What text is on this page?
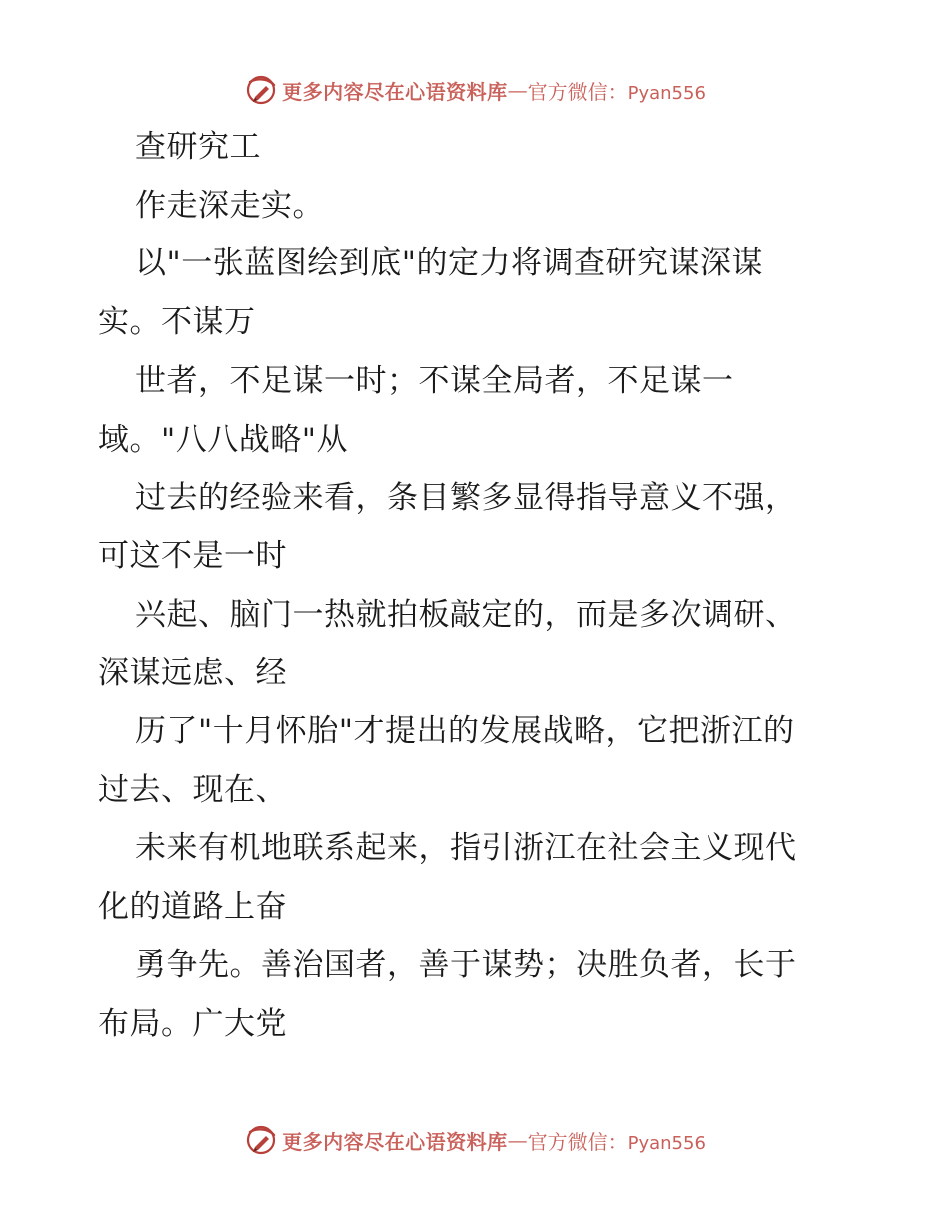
更多内容尽在心语资料库 — 官方微信：Pyan556
查研究工
作走深走实。
以"一张蓝图绘到底"的定力将调查研究谋深谋
实。不谋万
世者，不足谋一时；不谋全局者，不足谋一
域。"八八战略"从
过去的经验来看，条目繁多显得指导意义不强，
可这不是一时
兴起、脑门一热就拍板敲定的，而是多次调研、
深谋远虑、经
历了"十月怀胎"才提出的发展战略，它把浙江的
过去、现在、
未来有机地联系起来，指引浙江在社会主义现代
化的道路上奋
勇争先。善治国者，善于谋势；决胜负者，长于
布局。广大党
更多内容尽在心语资料库 — 官方微信：Pyan556
